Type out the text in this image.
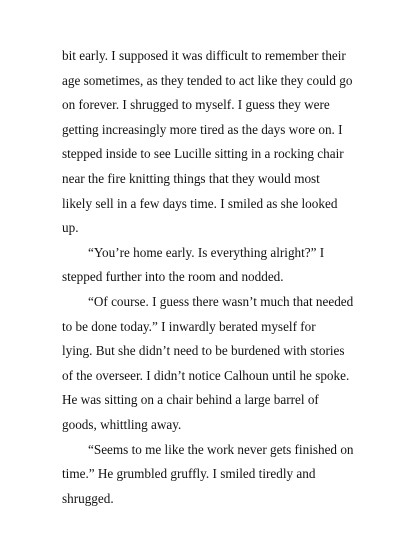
bit early. I supposed it was difficult to remember their
age sometimes, as they tended to act like they could go
on forever. I shrugged to myself. I guess they were
getting increasingly more tired as the days wore on. I
stepped inside to see Lucille sitting in a rocking chair
near the fire knitting things that they would most
likely sell in a few days time. I smiled as she looked
up.
“You’re home early. Is everything alright?” I
stepped further into the room and nodded.
“Of course. I guess there wasn’t much that needed
to be done today.” I inwardly berated myself for
lying. But she didn’t need to be burdened with stories
of the overseer. I didn’t notice Calhoun until he spoke.
He was sitting on a chair behind a large barrel of
goods, whittling away.
“Seems to me like the work never gets finished on
time.” He grumbled gruffly. I smiled tiredly and
shrugged.
